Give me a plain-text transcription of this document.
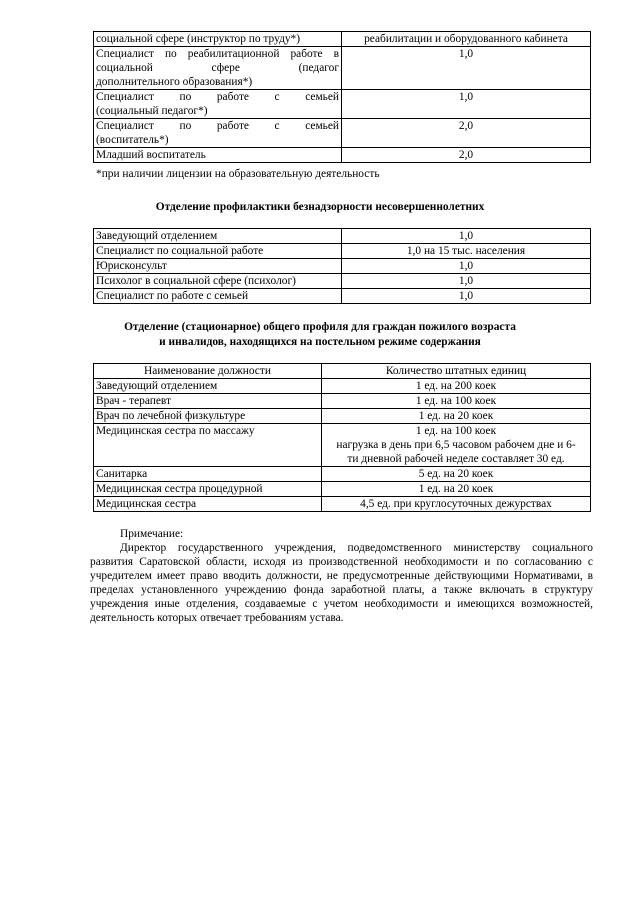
социальной сфере (инструктор по труду*)	реабилитации и оборудованного кабинета

Специалист по реабилитационной работе в
социальной сфере (педагог
дополнительного образования*)	1,0

Специалист по работе с семьей
(социальный педагог*)	1,0

Специалист по работе с семьей
(воспитатель*)	2,0
Младший воспитатель	2,0
*при наличии лицензии на образовательную деятельность
Отделение профилактики безнадзорности несовершеннолетних
Заведующий отделением	1,0
Специалист по социальной работе	1,0 на 15 тыс. населения
Юрисконсульт	1,0
Психолог в социальной сфере (психолог)	1,0
Специалист по работе с семьей	1,0
Отделение (стационарное) общего профиля для граждан пожилого возраста
и инвалидов, находящихся на постельном режиме содержания
Наименование должности	Количество штатных единиц
Заведующий отделением	1 ед. на 200 коек
Врач - терапевт	1 ед. на 100 коек
Врач по лечебной физкультуре	1 ед. на 20 коек
Медицинская сестра по массажу	1 ед. на 100 коек
нагрузка в день при 6,5 часовом рабочем дне и 6-
ти дневной рабочей неделе составляет 30 ед.

Санитарка	5 ед. на 20 коек
Медицинская сестра процедурной	1 ед. на 20 коек
Медицинская сестра	4,5 ед. при круглосуточных дежурствах

Примечание:

Директор государственного учреждения, подведомственного министерству социального развития Саратовской области, исходя из производственной необходимости и по согласованию с учредителем имеет право вводить должности, не предусмотренные действующими Нормативами, в пределах установленного учреждению фонда заработной платы, а также включать в структуру учреждения иные отделения, создаваемые с учетом необходимости и имеющихся возможностей, деятельность которых отвечает требованиям устава.
